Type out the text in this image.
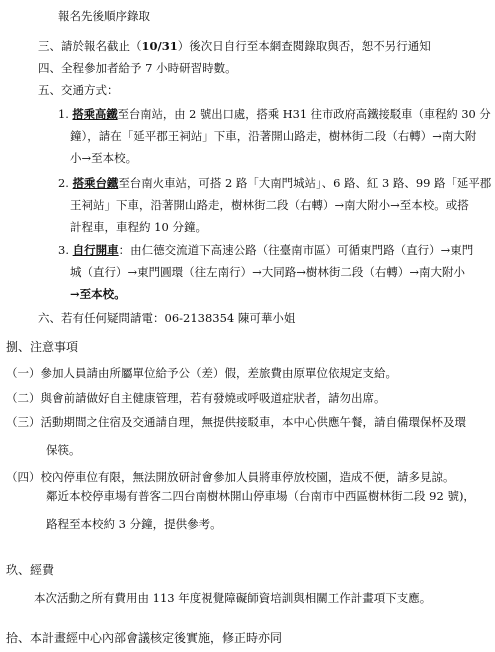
報名先後順序錄取
三、請於報名截止（10/31）後次日自行至本網查閱錄取與否，恕不另行通知
四、全程參加者給予 7 小時研習時數。
五、交通方式：
1. 搭乘高鐵至台南站，由 2 號出口處，搭乘 H31 往市政府高鐵接駁車（車程約 30 分
鐘），請在「延平郡王祠站」下車，沿著開山路走，樹林街二段（右轉）→南大附
小→至本校。
2. 搭乘台鐵至台南火車站，可搭 2 路「大南門城站」、6 路、紅 3 路、99 路「延平郡
王祠站」下車，沿著開山路走，樹林街二段（右轉）→南大附小→至本校。或搭
計程車，車程約 10 分鐘。
3. 自行開車：由仁德交流道下高速公路（往臺南市區）可循東門路（直行）→東門
城（直行）→東門圓環（往左南行）→大同路→樹林街二段（右轉）→南大附小
→至本校。
六、若有任何疑問請電：06-2138354 陳可華小姐
捌、注意事項
（一）參加人員請由所屬單位給予公（差）假，差旅費由原單位依規定支給。
（二）與會前請做好自主健康管理，若有發燒或呼吸道症狀者，請勿出席。
（三）活動期間之住宿及交通請自理，無提供接駁車，本中心供應午餐，請自備環保杯及環
保筷。
（四）校內停車位有限，無法開放研討會參加人員將車停放校園，造成不便，請多見諒。
鄰近本校停車場有普客二四台南樹林開山停車場（台南市中西區樹林街二段 92 號)，
路程至本校約 3 分鐘，提供參考。
玖、經費
本次活動之所有費用由 113 年度視覺障礙師資培訓與相關工作計畫項下支應。
拾、本計畫經中心內部會議核定後實施，修正時亦同
